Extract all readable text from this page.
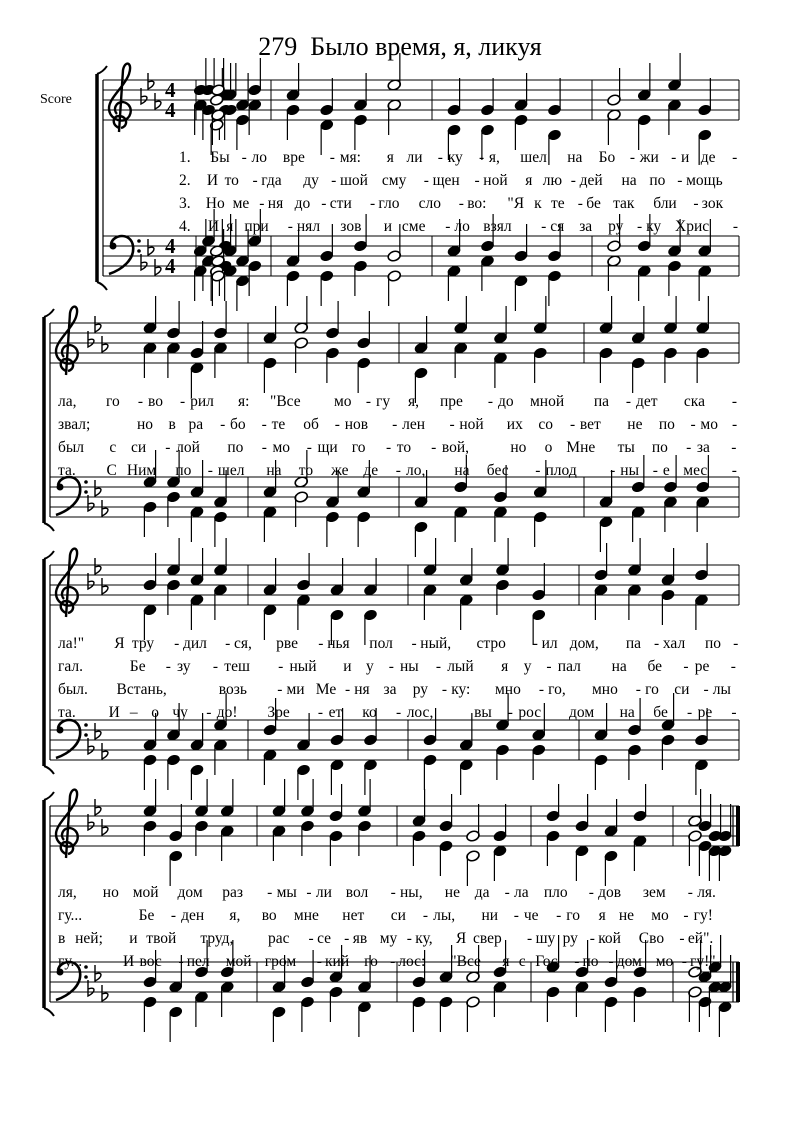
279 Было время, я, ликуя
Score	4
4
4
4
1. Бы - ло вре - мя: я ли - ку - я, шел на Бо - жи - и де -
2. И то - гда ду - шой сму - щен - ной я лю - дей на по - мощь
3. Но ме - ня до - сти - гло сло - во: "Я к те - бе так бли - зок
4. И я при - нял зов и сме - ло взял - ся за ру - ку Хрис -
ла, го - во - рил я: "Все мо - гу я, пре - до мной па - дет ска -
звал;	но в ра - бо - те об - нов - лен - ной их со - вет не по - мо -
был с си - лой по - мо - щи го - то - вой,	но о Мне ты по - за -
та. С Ним по - шел на то же де - ло, на бес - плод - ны - е мес -
ла!" Я тру - дил - ся, рве - нья пол - ный, стро - ил дом, па - хал по -
гал.	Бе - зу - теш - ный и у - ны - лый я у - пал на бе - ре -
был. Встань,	возь - ми Ме - ня за ру - ку: мно - го, мно - го си - лы
та. И – о чу - до! Зре - ет ко - лос,	вы - рос дом на бе - ре -
ля, но мой дом раз - мы - ли вол - ны, не да - ла пло - дов зем - ля.
гу...	Бе - ден я, во мне нет си - лы, ни - че - го я не мо - гу!
в ней; и твой труд, рас - се - яв му - ку, Я свер - шу ру - кой Сво - ей".
гу...	И вос - пел мой гром - кий го - лос: "Все я с Гос - по - дом мо - гу!"
